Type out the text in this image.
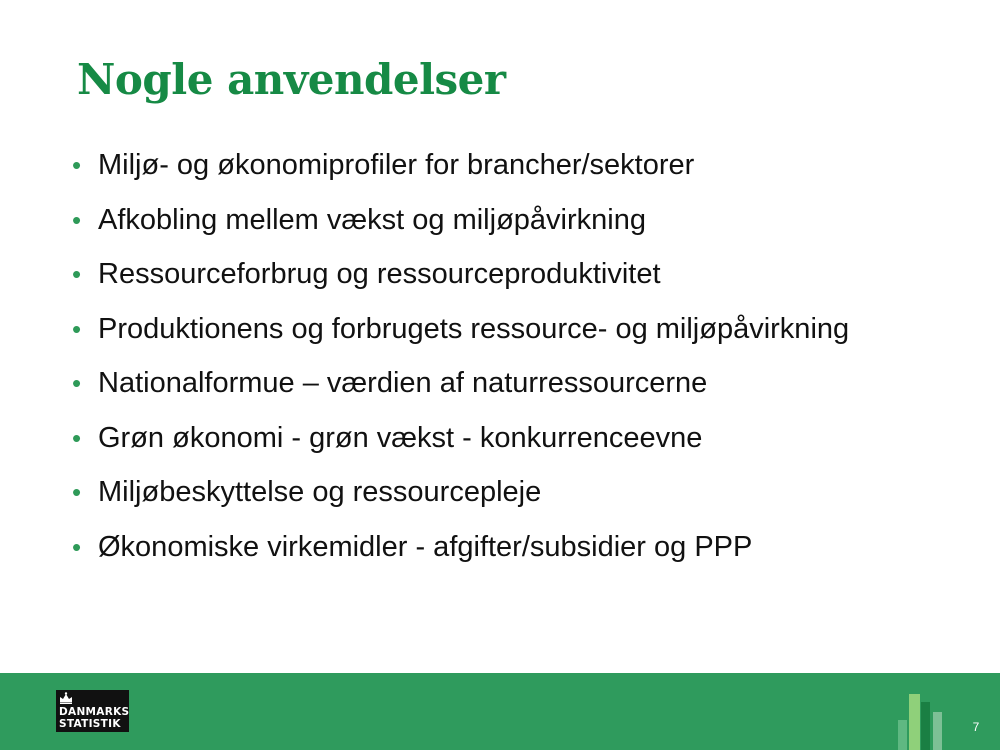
Nogle anvendelser
• Miljø- og økonomiprofiler for brancher/sektorer
• Afkobling mellem vækst og miljøpåvirkning
• Ressourceforbrug og ressourceproduktivitet
• Produktionens og forbrugets ressource- og miljøpåvirkning
• Nationalformue – værdien af naturressourcerne
• Grøn økonomi - grøn vækst - konkurrenceevne
• Miljøbeskyttelse og ressourcepleje
• Økonomiske virkemidler - afgifter/subsidier og PPP
DANMARKS
STATISTIK	7
